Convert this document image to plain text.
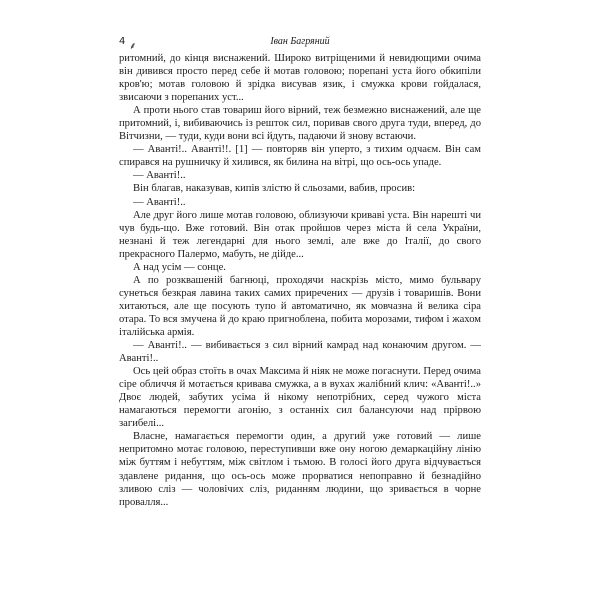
4 ⸙	Іван Багряний

ритомний, до кінця виснажений. Широко витріщеними й невидющими очима він дивився просто перед себе й мотав головою; порепані уста його обкипіли кров'ю; мотав головою й зрідка висував язик, і смужка крови гойдалася, звисаючи з порепаних уст...

А проти нього став товариш його вірний, теж безмежно виснажений, але ще притомний, і, вибиваючись із решток сил, поривав свого друга туди, вперед, до Вітчизни, — туди, куди вони всі йдуть, падаючи й знову встаючи.

— Аванті!.. Аванті!!. [1] — повторяв він уперто, з тихим одчаєм. Він сам спирався на рушничку й хилився, як билина на вітрі, що ось-ось упаде.

— Аванті!..

Він благав, наказував, кипів злістю й сльозами, вабив, просив:

— Аванті!..

Але друг його лише мотав головою, облизуючи криваві уста. Він нарешті чи чув будь-що. Вже готовий. Він отак пройшов через міста й села України, незнані й теж легендарні для нього землі, але вже до Італії, до свого прекрасного Палермо, мабуть, не дійде...

А над усім — сонце.

А по розквашеній багнюці, проходячи наскрізь місто, мимо бульвару сунеться безкрая лавина таких самих приречених — друзів і товаришів. Вони хитаються, але ще посують тупо й автоматично, як мовчазна й велика сіра отара. То вся змучена й до краю пригноблена, побита морозами, тифом і жахом італійська армія.

— Аванті!.. — вибивається з сил вірний камрад над конаючим другом. — Аванті!..

Ось цей образ стоїть в очах Максима й ніяк не може погаснути. Перед очима сіре обличчя й мотається кривава смужка, а в вухах жалібний клич: «Аванті!..» Двоє людей, забутих усіма й нікому непотрібних, серед чужого міста намагаються перемогти агонію, з останніх сил балансуючи над прірвою загибелі...

Власне, намагається перемогти один, а другий уже готовий — лише непритомно мотає головою, переступивши вже ону ногою демаркаційну лінію між буттям і небуттям, між світлом і тьмою. В голосі його друга відчувається здавлене ридання, що ось-ось може прорватися непоправно й безнадійно зливою сліз — чоловічих сліз, риданням людини, що зривається в чорне провалля...
